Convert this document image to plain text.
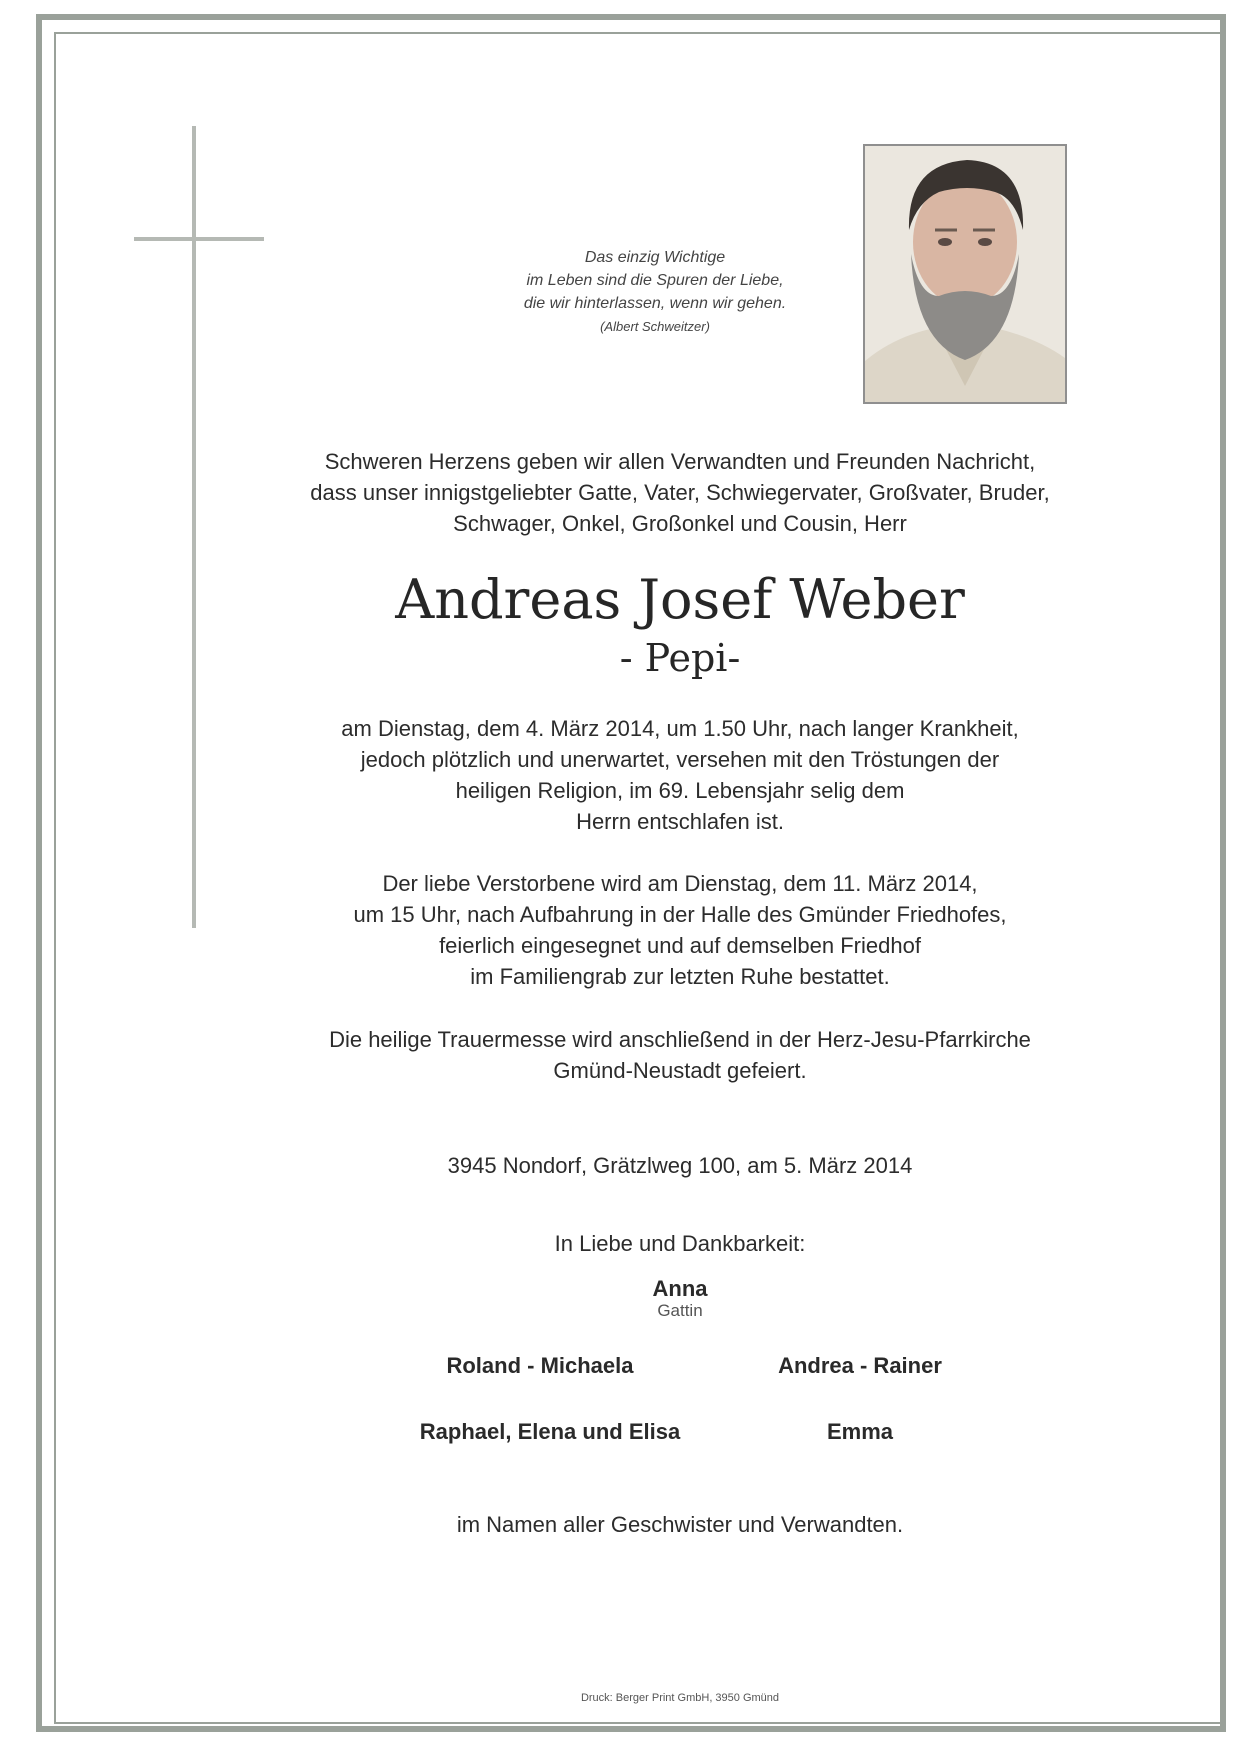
Das einzig Wichtige
im Leben sind die Spuren der Liebe,
die wir hinterlassen, wenn wir gehen.
(Albert Schweitzer)
Schweren Herzens geben wir allen Verwandten und Freunden Nachricht,
dass unser innigstgeliebter Gatte, Vater, Schwiegervater, Großvater, Bruder,
Schwager, Onkel, Großonkel und Cousin, Herr
Andreas Josef Weber
- Pepi-
am Dienstag, dem 4. März 2014, um 1.50 Uhr, nach langer Krankheit,
jedoch plötzlich und unerwartet, versehen mit den Tröstungen der
heiligen Religion, im 69. Lebensjahr selig dem
Herrn entschlafen ist.
Der liebe Verstorbene wird am Dienstag, dem 11. März 2014,
um 15 Uhr, nach Aufbahrung in der Halle des Gmünder Friedhofes,
feierlich eingesegnet und auf demselben Friedhof
im Familiengrab zur letzten Ruhe bestattet.
Die heilige Trauermesse wird anschließend in der Herz-Jesu-Pfarrkirche
Gmünd-Neustadt gefeiert.
3945 Nondorf, Grätzlweg 100, am 5. März 2014
In Liebe und Dankbarkeit:
Anna
Gattin
Roland - Michaela	Andrea - Rainer
Raphael, Elena und Elisa	Emma
im Namen aller Geschwister und Verwandten.
Druck: Berger Print GmbH, 3950 Gmünd
